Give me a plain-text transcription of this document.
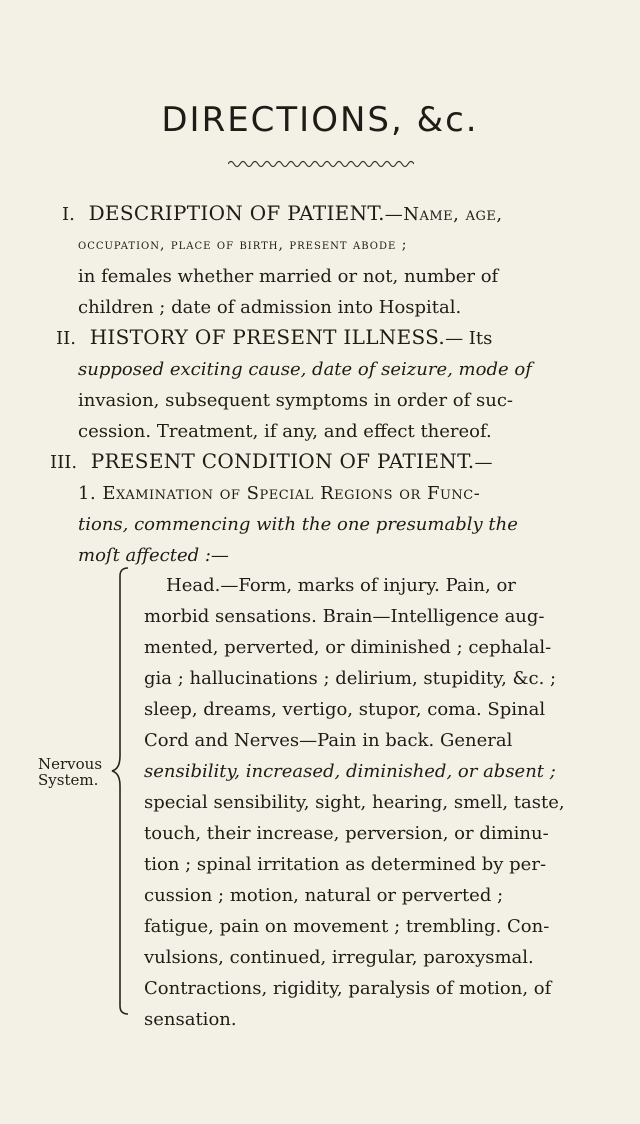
DIRECTIONS, &c.
I. DESCRIPTION OF PATIENT.—Name, age,
occupation, place of birth, present abode ;
in females whether married or not, number of
children ; date of admission into Hospital.
II. HISTORY OF PRESENT ILLNESS.— Its
supposed exciting cause, date of seizure, mode of
invasion, subsequent symptoms in order of suc-
cession. Treatment, if any, and effect thereof.
III. PRESENT CONDITION OF PATIENT.—
1. Examination of Special Regions or Func-
tions, commencing with the one presumably the
moſt affected :—
Nervous
System.
Head.—Form, marks of injury. Pain, or
morbid sensations. Brain—Intelligence aug-
mented, perverted, or diminished ; cephalal-
gia ; hallucinations ; delirium, stupidity, &c. ;
sleep, dreams, vertigo, stupor, coma. Spinal
Cord and Nerves—Pain in back. General
sensibility, increased, diminished, or absent ;
special sensibility, sight, hearing, smell, taste,
touch, their increase, perversion, or diminu-
tion ; spinal irritation as determined by per-
cussion ; motion, natural or perverted ;
fatigue, pain on movement ; trembling. Con-
vulsions, continued, irregular, paroxysmal.
Contractions, rigidity, paralysis of motion, of
sensation.
